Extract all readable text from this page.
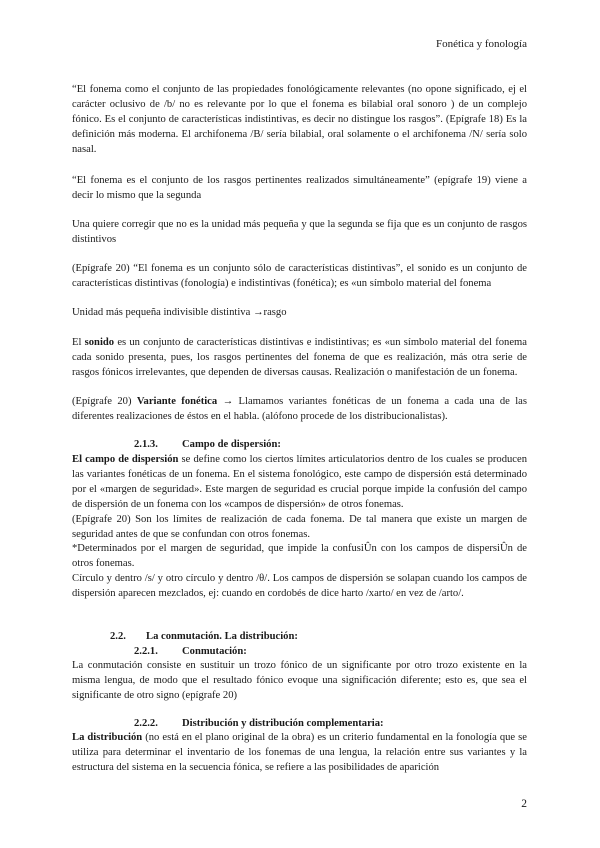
Fonética y fonología

“El fonema como el conjunto de las propiedades fonológicamente relevantes (no opone significado, ej el carácter oclusivo de /b/ no es relevante por lo que el fonema es bilabial oral sonoro ) de un complejo fónico. Es el conjunto de características indistintivas, es decir no distingue los rasgos”. (Epígrafe 18) Es la definición más moderna. El archifonema /B/ sería bilabial, oral solamente o el archifonema /N/ sería solo nasal.

“El fonema es el conjunto de los rasgos pertinentes realizados simultáneamente” (epígrafe 19) viene a decir lo mismo que la segunda

Una quiere corregir que no es la unidad más pequeña y que la segunda se fija que es un conjunto de rasgos distintivos

(Epígrafe 20) “El fonema es un conjunto sólo de características distintivas”, el sonido es un conjunto de características distintivas (fonología) e indistintivas (fonética); es «un símbolo material del fonema

Unidad más pequeña indivisible distintiva →rasgo

El sonido es un conjunto de características distintivas e indistintivas; es «un símbolo material del fonema cada sonido presenta, pues, los rasgos pertinentes del fonema de que es realización, más otra serie de rasgos fónicos irrelevantes, que dependen de diversas causas. Realización o manifestación de un fonema.

(Epígrafe 20) Variante fonética → Llamamos variantes fonéticas de un fonema a cada una de las diferentes realizaciones de éstos en el habla. (alófono procede de los distribucionalistas).

2.1.3. Campo de dispersión:

El campo de dispersión se define como los ciertos límites articulatorios dentro de los cuales se producen las variantes fonéticas de un fonema. En el sistema fonológico, este campo de dispersión está determinado por el «margen de seguridad». Este margen de seguridad es crucial porque impide la confusión del campo de dispersión de un fonema con los «campos de dispersión» de otros fonemas.

(Epígrafe 20) Son los límites de realización de cada fonema. De tal manera que existe un margen de seguridad antes de que se confundan con otros fonemas.

*Determinados por el margen de seguridad, que impide la confusiÛn con los campos de dispersiÛn de otros fonemas.

Círculo y dentro /s/ y otro círculo y dentro /θ/. Los campos de dispersión se solapan cuando los campos de dispersión aparecen mezclados, ej: cuando en cordobés de dice harto /xarto/ en vez de /arto/.

2.2. La conmutación. La distribución:
2.2.1. Conmutación:

La conmutación consiste en sustituir un trozo fónico de un significante por otro trozo existente en la misma lengua, de modo que el resultado fónico evoque una significación diferente; esto es, que sea el significante de otro signo (epígrafe 20)

2.2.2. Distribución y distribución complementaria:

La distribución (no está en el plano original de la obra) es un criterio fundamental en la fonología que se utiliza para determinar el inventario de los fonemas de una lengua, la relación entre sus variantes y la estructura del sistema en la secuencia fónica, se refiere a las posibilidades de aparición

2
